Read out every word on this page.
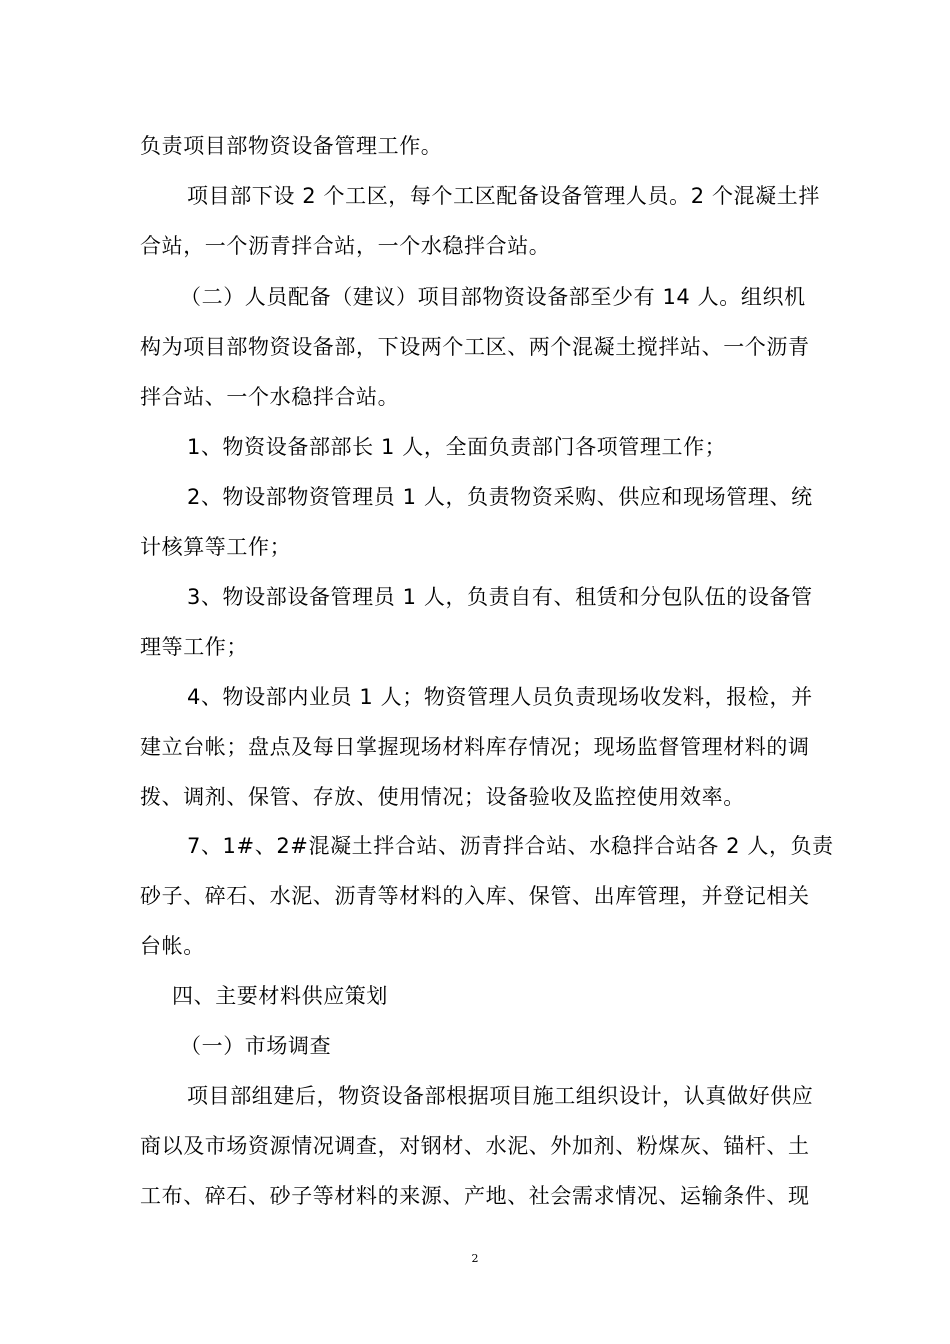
负责项目部物资设备管理工作。
项目部下设 2 个工区，每个工区配备设备管理人员。2 个混凝土拌
合站，一个沥青拌合站，一个水稳拌合站。
（二）人员配备（建议）项目部物资设备部至少有 14 人。组织机
构为项目部物资设备部，下设两个工区、两个混凝土搅拌站、一个沥青
拌合站、一个水稳拌合站。
1、物资设备部部长 1 人，全面负责部门各项管理工作；
2、物设部物资管理员 1 人，负责物资采购、供应和现场管理、统
计核算等工作；
3、物设部设备管理员 1 人，负责自有、租赁和分包队伍的设备管
理等工作；
4、物设部内业员 1 人；物资管理人员负责现场收发料，报检，并
建立台帐；盘点及每日掌握现场材料库存情况；现场监督管理材料的调
拨、调剂、保管、存放、使用情况；设备验收及监控使用效率。
7、1#、2#混凝土拌合站、沥青拌合站、水稳拌合站各 2 人，负责
砂子、碎石、水泥、沥青等材料的入库、保管、出库管理，并登记相关
台帐。
四、主要材料供应策划
（一）市场调查
项目部组建后，物资设备部根据项目施工组织设计，认真做好供应
商以及市场资源情况调查，对钢材、水泥、外加剂、粉煤灰、锚杆、土
工布、碎石、砂子等材料的来源、产地、社会需求情况、运输条件、现
2
